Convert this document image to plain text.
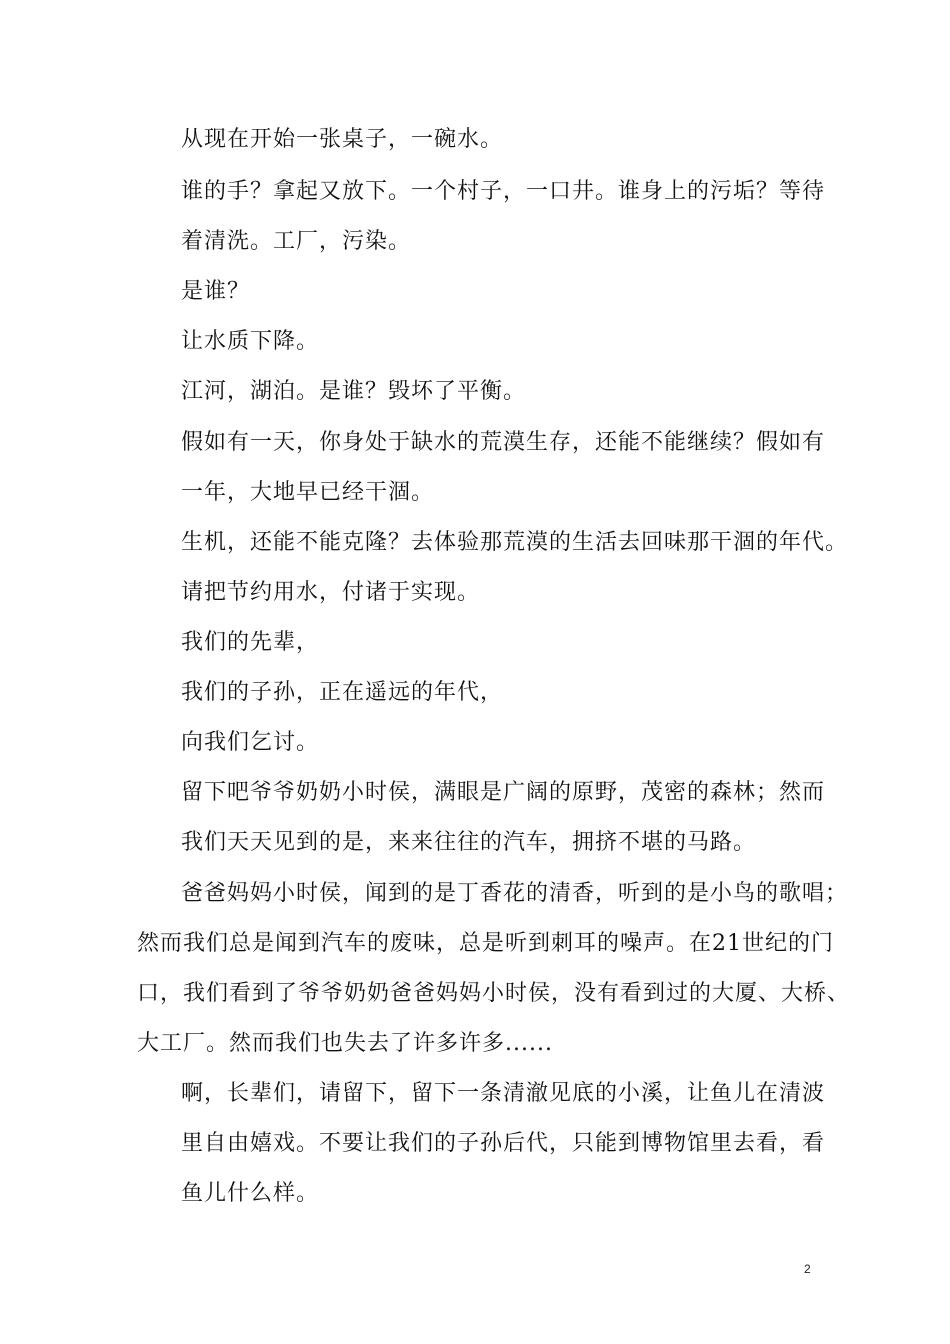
从现在开始一张桌子，一碗水。
谁的手？拿起又放下。一个村子，一口井。谁身上的污垢？等待
着清洗。工厂，污染。
是谁？
让水质下降。
江河，湖泊。是谁？毁坏了平衡。
假如有一天，你身处于缺水的荒漠生存，还能不能继续？假如有
一年，大地早已经干涸。
生机，还能不能克隆？去体验那荒漠的生活去回味那干涸的年代。
请把节约用水，付诸于实现。
我们的先辈，
我们的子孙，正在遥远的年代，
向我们乞讨。
留下吧爷爷奶奶小时侯，满眼是广阔的原野，茂密的森林；然而
我们天天见到的是，来来往往的汽车，拥挤不堪的马路。
爸爸妈妈小时侯，闻到的是丁香花的清香，听到的是小鸟的歌唱；
然而我们总是闻到汽车的废味，总是听到刺耳的噪声。在21世纪的门
口，我们看到了爷爷奶奶爸爸妈妈小时侯，没有看到过的大厦、大桥、
大工厂。然而我们也失去了许多许多......
啊，长辈们，请留下，留下一条清澈见底的小溪，让鱼儿在清波
里自由嬉戏。不要让我们的子孙后代，只能到博物馆里去看，看
鱼儿什么样。
2
